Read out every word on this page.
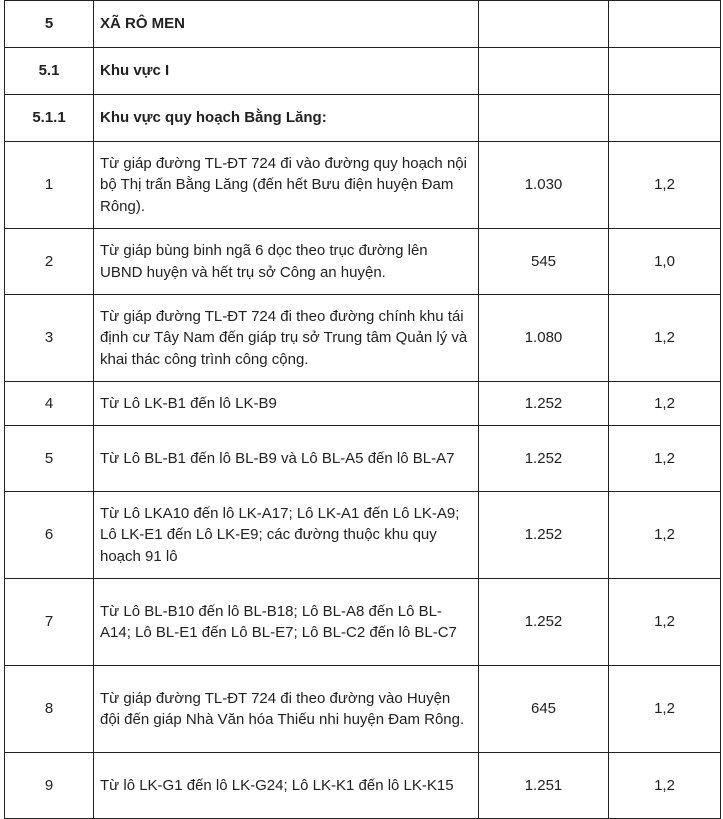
5	XÃ RÔ MEN		
5.1	Khu vực I		
5.1.1	Khu vực quy hoạch Bằng Lăng:		
1	Từ giáp đường TL-ĐT 724 đi vào đường quy hoạch nội bộ Thị trấn Bằng Lăng (đến hết Bưu điện huyện Đam Rông).	1.030	1,2
2	Từ giáp bùng binh ngã 6 dọc theo trục đường lên UBND huyện và hết trụ sở Công an huyện.	545	1,0
3	Từ giáp đường TL-ĐT 724 đi theo đường chính khu tái định cư Tây Nam đến giáp trụ sở Trung tâm Quản lý và khai thác công trình công cộng.	1.080	1,2
4	Từ Lô LK-B1 đến lô LK-B9	1.252	1,2
5	Từ Lô BL-B1 đến lô BL-B9 và Lô BL-A5 đến lô BL-A7	1.252	1,2
6	Từ Lô LKA10 đến lô LK-A17; Lô LK-A1 đến Lô LK-A9; Lô LK-E1 đến Lô LK-E9; các đường thuộc khu quy hoạch 91 lô	1.252	1,2
7	Từ Lô BL-B10 đến lô BL-B18; Lô BL-A8 đến Lô BL-A14; Lô BL-E1 đến Lô BL-E7; Lô BL-C2 đến lô BL-C7	1.252	1,2
8	Từ giáp đường TL-ĐT 724 đi theo đường vào Huyện đội đến giáp Nhà Văn hóa Thiếu nhi huyện Đam Rông.	645	1,2
9	Từ lô LK-G1 đến lô LK-G24; Lô LK-K1 đến lô LK-K15	1.251	1,2
